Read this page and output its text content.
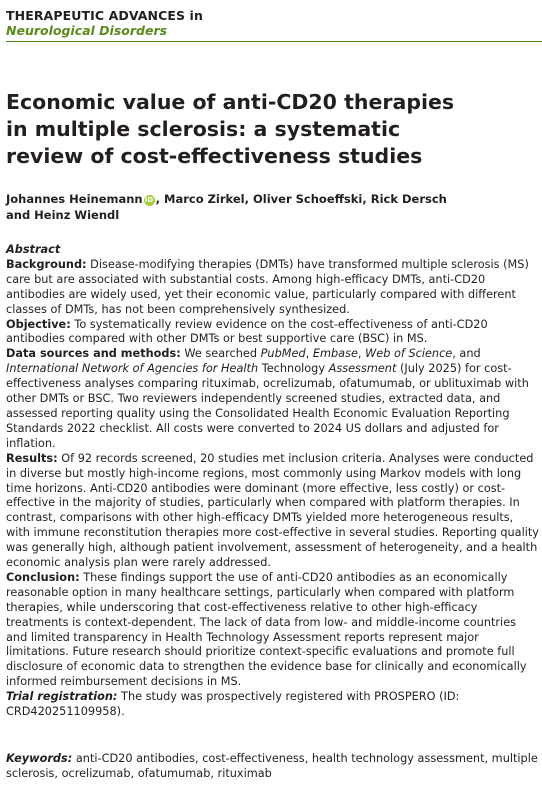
THERAPEUTIC ADVANCES in
Neurological Disorders
Economic value of anti-CD20 therapies in multiple sclerosis: a systematic review of cost-effectiveness studies
Johannes Heinemann iD , Marco Zirkel, Oliver Schoeffski, Rick Dersch
and Heinz Wiendl

Abstract

Background: Disease-modifying therapies (DMTs) have transformed multiple sclerosis (MS) care but are associated with substantial costs. Among high-efficacy DMTs, anti-CD20 antibodies are widely used, yet their economic value, particularly compared with different classes of DMTs, has not been comprehensively synthesized.

Objective: To systematically review evidence on the cost-effectiveness of anti-CD20 antibodies compared with other DMTs or best supportive care (BSC) in MS.

Data sources and methods: We searched PubMed, Embase, Web of Science, and International Network of Agencies for Health Technology Assessment (July 2025) for cost-effectiveness analyses comparing rituximab, ocrelizumab, ofatumumab, or ublituximab with other DMTs or BSC. Two reviewers independently screened studies, extracted data, and assessed reporting quality using the Consolidated Health Economic Evaluation Reporting Standards 2022 checklist. All costs were converted to 2024 US dollars and adjusted for inflation.

Results: Of 92 records screened, 20 studies met inclusion criteria. Analyses were conducted in diverse but mostly high-income regions, most commonly using Markov models with long time horizons. Anti-CD20 antibodies were dominant (more effective, less costly) or cost-effective in the majority of studies, particularly when compared with platform therapies. In contrast, comparisons with other high-efficacy DMTs yielded more heterogeneous results, with immune reconstitution therapies more cost-effective in several studies. Reporting quality was generally high, although patient involvement, assessment of heterogeneity, and a health economic analysis plan were rarely addressed.

Conclusion: These findings support the use of anti-CD20 antibodies as an economically reasonable option in many healthcare settings, particularly when compared with platform therapies, while underscoring that cost-effectiveness relative to other high-efficacy treatments is context-dependent. The lack of data from low- and middle-income countries and limited transparency in Health Technology Assessment reports represent major limitations. Future research should prioritize context-specific evaluations and promote full disclosure of economic data to strengthen the evidence base for clinically and economically informed reimbursement decisions in MS.

Trial registration: The study was prospectively registered with PROSPERO (ID: CRD420251109958).

Keywords: anti-CD20 antibodies, cost-effectiveness, health technology assessment, multiple sclerosis, ocrelizumab, ofatumumab, rituximab
